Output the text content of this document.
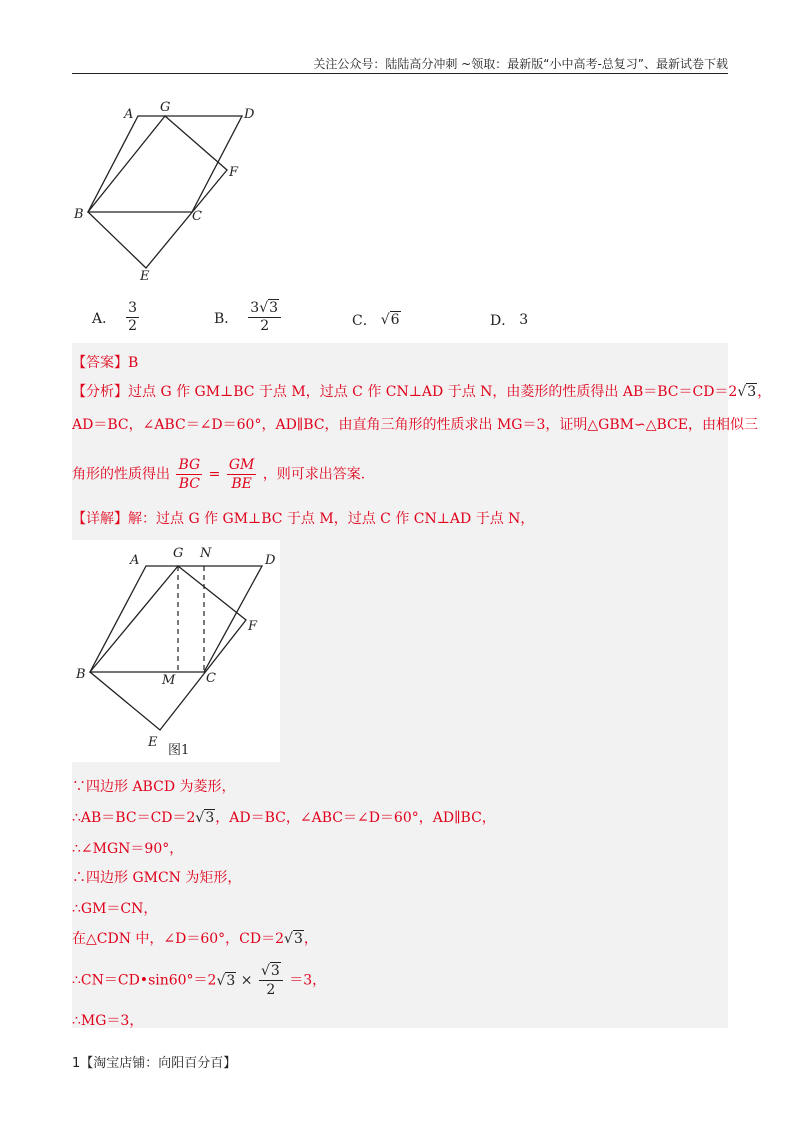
关注公众号：陆陆高分冲刺 ~领取：最新版“小中高考-总复习”、最新试卷下载
A G	D
F
B	C
E
A． $\frac{3}{2}$	B． $\frac{3√3}{2}$	C． √6	D． 3
【答案】B
【分析】过点 G 作 GM⊥BC 于点 M，过点 C 作 CN⊥AD 于点 N，由菱形的性质得出 AB＝BC＝CD＝2√3，
AD＝BC，∠ABC＝∠D＝60°，AD∥BC，由直角三角形的性质求出 MG＝3，证明△GBM∽△BCE，由相似三
角形的性质得出 $\frac{BG}{BC} = \frac{GM}{BE}$ ，则可求出答案.
【详解】解：过点 G 作 GM⊥BC 于点 M，过点 C 作 CN⊥AD 于点 N，
A	G N	D
F
B	M C
E
图1
∵四边形 ABCD 为菱形，
∴AB＝BC＝CD＝2√3，AD＝BC，∠ABC＝∠D＝60°，AD∥BC，
∴∠MGN＝90°，
∴四边形 GMCN 为矩形，
∴GM＝CN，
在△CDN 中，∠D＝60°，CD＝2√3，
∴CN＝CD•sin60°＝2√3 × $\frac{√3}{2} =3$，
∴MG＝3，
1【淘宝店铺：向阳百分百】
